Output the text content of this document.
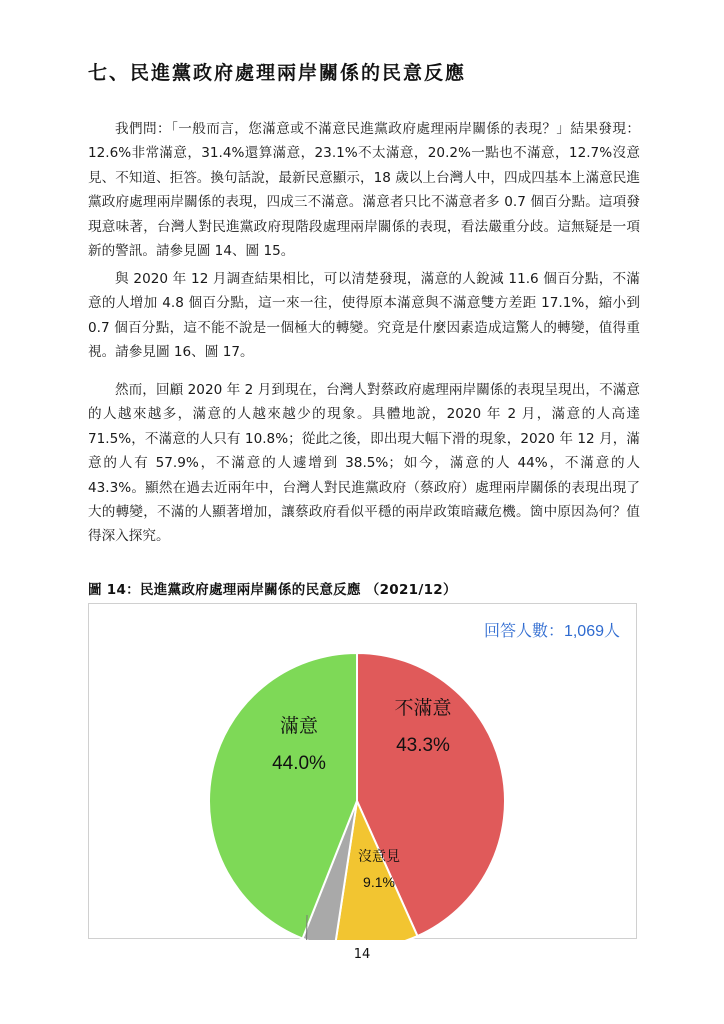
七、民進黨政府處理兩岸關係的民意反應

我們問：「一般而言，您滿意或不滿意民進黨政府處理兩岸關係的表現？」結果發現：12.6%非常滿意，31.4%還算滿意，23.1%不太滿意，20.2%一點也不滿意，12.7%沒意見、不知道、拒答。換句話說，最新民意顯示，18 歲以上台灣人中，四成四基本上滿意民進黨政府處理兩岸關係的表現，四成三不滿意。滿意者只比不滿意者多 0.7 個百分點。這項發現意味著，台灣人對民進黨政府現階段處理兩岸關係的表現，看法嚴重分歧。這無疑是一項新的警訊。請參見圖 14、圖 15。

與 2020 年 12 月調查結果相比，可以清楚發現，滿意的人銳減 11.6 個百分點，不滿意的人增加 4.8 個百分點，這一來一往，使得原本滿意與不滿意雙方差距 17.1%，縮小到 0.7 個百分點，這不能不說是一個極大的轉變。究竟是什麼因素造成這驚人的轉變，值得重視。請參見圖 16、圖 17。

然而，回顧 2020 年 2 月到現在，台灣人對蔡政府處理兩岸關係的表現呈現出，不滿意的人越來越多，滿意的人越來越少的現象。具體地說，2020 年 2 月，滿意的人高達 71.5%，不滿意的人只有 10.8%；從此之後，即出現大幅下滑的現象，2020 年 12 月，滿意的人有 57.9%，不滿意的人遽增到 38.5%；如今，滿意的人 44%，不滿意的人 43.3%。顯然在過去近兩年中，台灣人對民進黨政府（蔡政府）處理兩岸關係的表現出現了大的轉變，不滿的人顯著增加，讓蔡政府看似平穩的兩岸政策暗藏危機。箇中原因為何？值得深入探究。

圖 14：民進黨政府處理兩岸關係的民意反應 （2021/12）

不滿意
43.3%
沒意見
9.1%
滿意
44.0%
回答人數：1,069人
14
